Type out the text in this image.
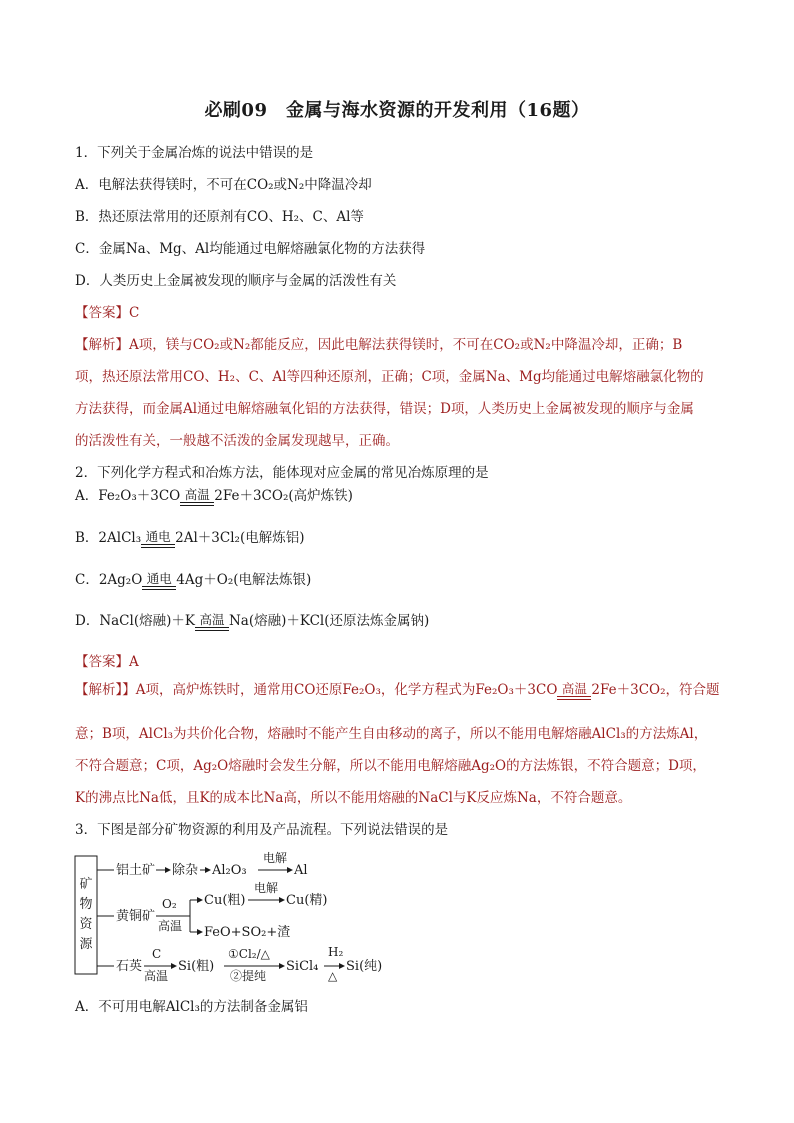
必刷09　金属与海水资源的开发利用（16题）
1．下列关于金属冶炼的说法中错误的是
A．电解法获得镁时，不可在CO₂或N₂中降温冷却
B．热还原法常用的还原剂有CO、H₂、C、Al等
C．金属Na、Mg、Al均能通过电解熔融氯化物的方法获得
D．人类历史上金属被发现的顺序与金属的活泼性有关
【答案】C
【解析】A项，镁与CO₂或N₂都能反应，因此电解法获得镁时，不可在CO₂或N₂中降温冷却，正确；B
项，热还原法常用CO、H₂、C、Al等四种还原剂，正确；C项，金属Na、Mg均能通过电解熔融氯化物的
方法获得，而金属Al通过电解熔融氧化铝的方法获得，错误；D项，人类历史上金属被发现的顺序与金属
的活泼性有关，一般越不活泼的金属发现越早，正确。
2．下列化学方程式和冶炼方法，能体现对应金属的常见冶炼原理的是
A．Fe₂O₃＋3CO 高温 2Fe＋3CO₂(高炉炼铁)
B．2AlCl₃ 通电 2Al＋3Cl₂(电解炼铝)
C．2Ag₂O 通电 4Ag＋O₂(电解法炼银)
D．NaCl(熔融)＋K 高温 Na(熔融)＋KCl(还原法炼金属钠)
【答案】A
【解析】】A项，高炉炼铁时，通常用CO还原Fe₂O₃，化学方程式为Fe₂O₃＋3CO 高温 2Fe＋3CO₂，符合题
意；B项，AlCl₃为共价化合物，熔融时不能产生自由移动的离子，所以不能用电解熔融AlCl₃的方法炼Al，
不符合题意；C项，Ag₂O熔融时会发生分解，所以不能用电解熔融Ag₂O的方法炼银，不符合题意；D项，
K的沸点比Na低，且K的成本比Na高，所以不能用熔融的NaCl与K反应炼Na，不符合题意。
3．下图是部分矿物资源的利用及产品流程。下列说法错误的是
矿
物
资
源
铝土矿 除杂 Al₂O₃
电解
Al
黄铜矿
O₂
高温
Cu(粗)
电解
Cu(精)
FeO+SO₂+渣
石英
C
高温
Si(粗)
①Cl₂/△
②提纯
SiCl₄
H₂
△
Si(纯)
A．不可用电解AlCl₃的方法制备金属铝
